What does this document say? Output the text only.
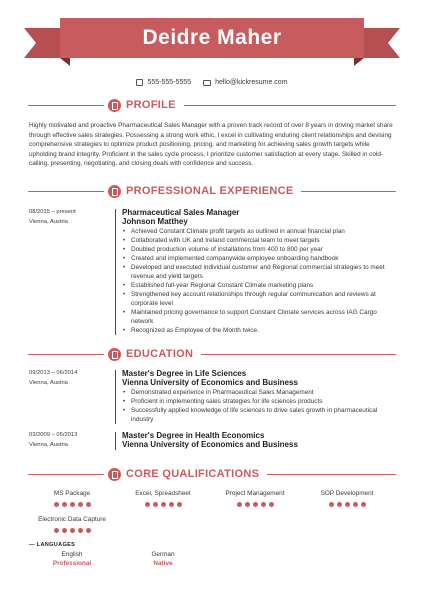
Deidre Maher
555-555-5555	hello@kickresume.com
PROFILE
Highly motivated and proactive Pharmaceutical Sales Manager with a proven track record of over 8 years in driving market share through effective sales strategies. Possessing a strong work ethic, I excel in cultivating enduring client relationships and devising comprehensive strategies to optimize product positioning, pricing, and marketing for achieving sales growth targets while upholding brand integrity. Proficient in the sales cycle process, I prioritize customer satisfaction at every stage. Skilled in cold-calling, presenting, negotiating, and closing deals with confidence and success.
PROFESSIONAL EXPERIENCE
08/2015 – present
Vienna, Austria
Pharmaceutical Sales Manager
Johnson Matthey
• Achieved Constant Climate profit targets as outlined in annual financial plan
• Collaborated with UK and Ireland commercial team to meet targets
• Doubled production volume of installations from 400 to 800 per year
• Created and implemented companywide employee onboarding handbook
• Developed and executed individual customer and Regional commercial strategies to meet revenue and yield targets
• Established full-year Regional Constant Climate marketing plans
• Strengthened key account relationships through regular communication and reviews at corporate level
• Maintained pricing governance to support Constant Climate services across IAG Cargo network
• Recognized as Employee of the Month twice.
EDUCATION
09/2013 – 06/2014
Vienna, Austria
Master's Degree in Life Sciences
Vienna University of Economics and Business
• Demonstrated experience in Pharmaceutical Sales Management
• Proficient in implementing sales strategies for life sciences products
• Successfully applied knowledge of life sciences to drive sales growth in pharmaceutical industry
03/2009 – 05/2013
Vienna, Austria
Master's Degree in Health Economics
Vienna University of Economics and Business
CORE QUALIFICATIONS
MS Package	Excel, Spreadsheet	Project Management	SOP Development
Electronic Data Capture
— LANGUAGES
English
Professional
German
Native
